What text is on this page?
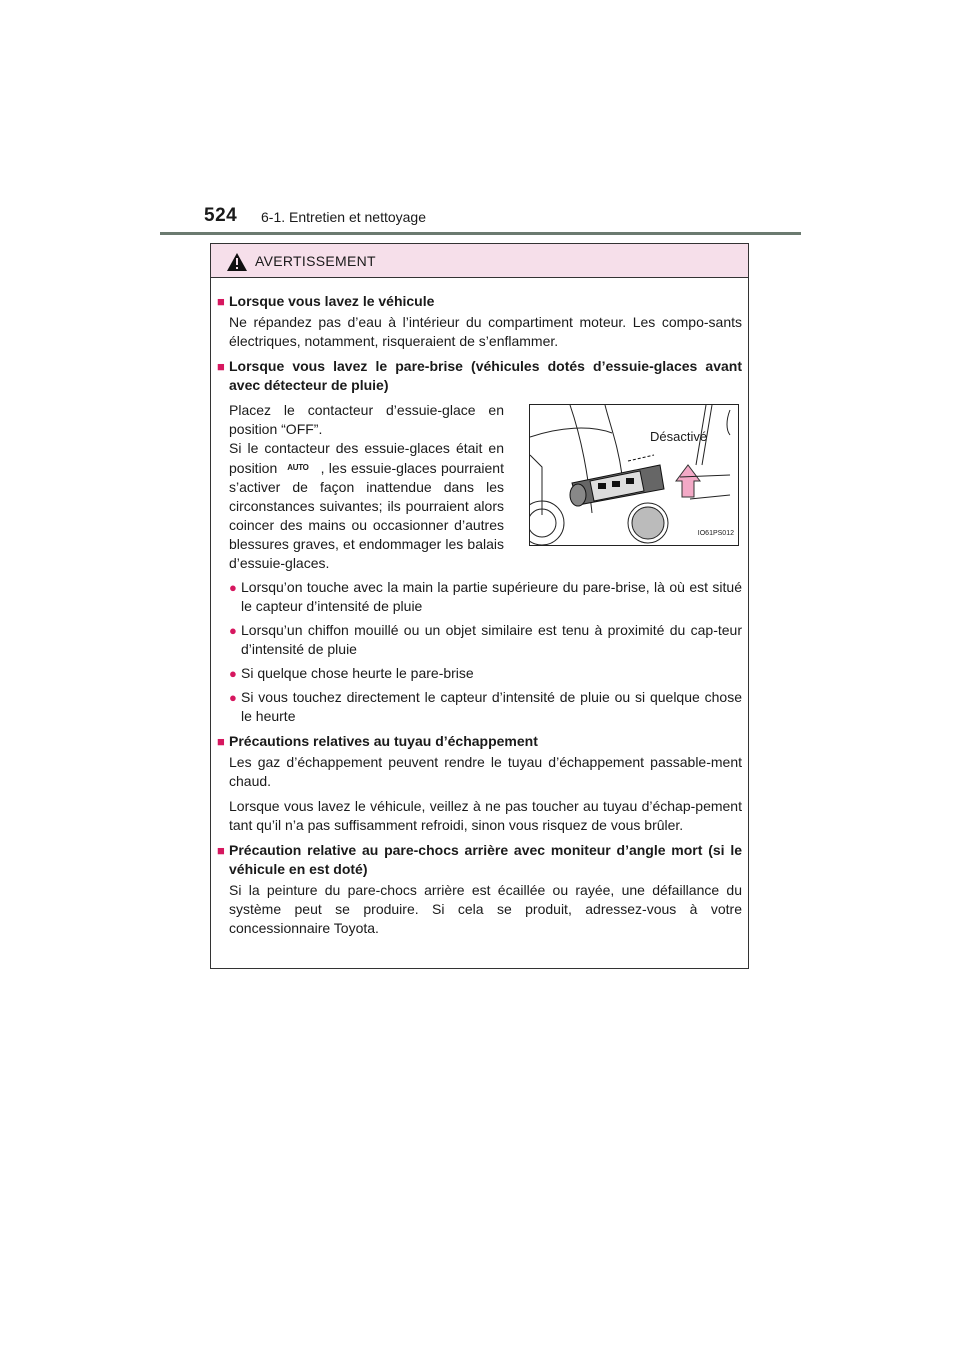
524 6-1. Entretien et nettoyage
AVERTISSEMENT
■ Lorsque vous lavez le véhicule
Ne répandez pas d’eau à l’intérieur du compartiment moteur. Les compo-sants électriques, notamment, risqueraient de s’enflammer.
■ Lorsque vous lavez le pare-brise (véhicules dotés d’essuie-glaces avant avec détecteur de pluie)
Placez le contacteur d’essuie-glace en position “OFF”.
Si le contacteur des essuie-glaces était en position AUTO , les essuie-glaces pourraient s’activer de façon inattendue dans les circonstances suivantes; ils pourraient alors coincer des mains ou occasionner d’autres blessures graves, et endommager les balais d’essuie-glaces.
Désactivé
IO61PS012
● Lorsqu’on touche avec la main la partie supérieure du pare-brise, là où est situé le capteur d’intensité de pluie
● Lorsqu’un chiffon mouillé ou un objet similaire est tenu à proximité du cap-teur d’intensité de pluie
● Si quelque chose heurte le pare-brise
● Si vous touchez directement le capteur d’intensité de pluie ou si quelque chose le heurte
■ Précautions relatives au tuyau d’échappement
Les gaz d’échappement peuvent rendre le tuyau d’échappement passable-ment chaud.
Lorsque vous lavez le véhicule, veillez à ne pas toucher au tuyau d’échap-pement tant qu’il n’a pas suffisamment refroidi, sinon vous risquez de vous brûler.
■ Précaution relative au pare-chocs arrière avec moniteur d’angle mort (si le véhicule en est doté)
Si la peinture du pare-chocs arrière est écaillée ou rayée, une défaillance du système peut se produire. Si cela se produit, adressez-vous à votre concessionnaire Toyota.
